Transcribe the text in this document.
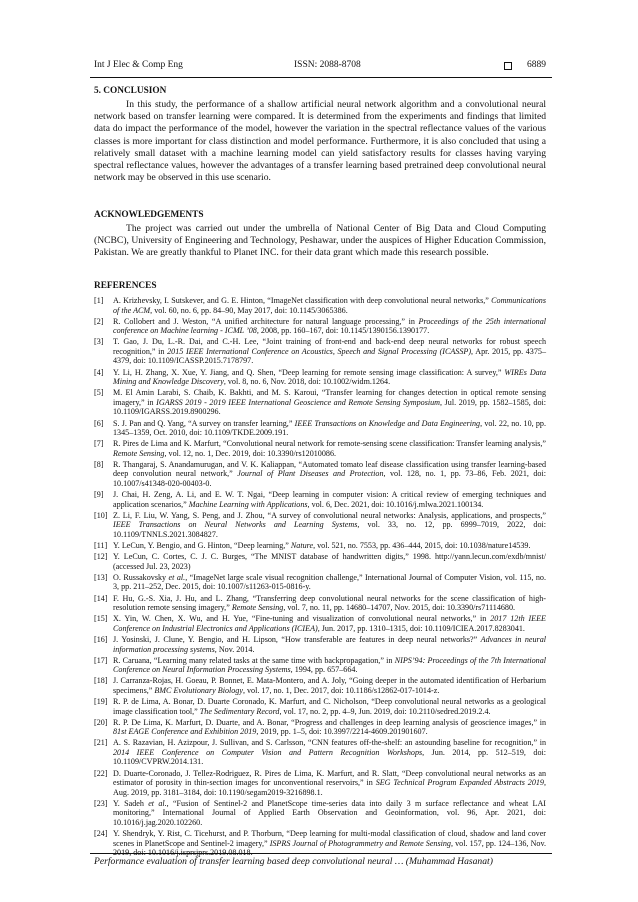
Int J Elec & Comp Eng	ISSN: 2088-8708	6889
5. CONCLUSION

In this study, the performance of a shallow artificial neural network algorithm and a convolutional neural network based on transfer learning were compared. It is determined from the experiments and findings that limited data do impact the performance of the model, however the variation in the spectral reflectance values of the various classes is more important for class distinction and model performance. Furthermore, it is also concluded that using a relatively small dataset with a machine learning model can yield satisfactory results for classes having varying spectral reflectance values, however the advantages of a transfer learning based pretrained deep convolutional neural network may be observed in this use scenario.

ACKNOWLEDGEMENTS

The project was carried out under the umbrella of National Center of Big Data and Cloud Computing (NCBC), University of Engineering and Technology, Peshawar, under the auspices of Higher Education Commission, Pakistan. We are greatly thankful to Planet INC. for their data grant which made this research possible.

REFERENCES
[1] A. Krizhevsky, I. Sutskever, and G. E. Hinton, “ImageNet classification with deep convolutional neural networks,” Communications of the ACM, vol. 60, no. 6, pp. 84–90, May 2017, doi: 10.1145/3065386.
[2] R. Collobert and J. Weston, “A unified architecture for natural language processing,” in Proceedings of the 25th international conference on Machine learning - ICML ’08, 2008, pp. 160–167, doi: 10.1145/1390156.1390177.
[3] T. Gao, J. Du, L.-R. Dai, and C.-H. Lee, “Joint training of front-end and back-end deep neural networks for robust speech recognition,” in 2015 IEEE International Conference on Acoustics, Speech and Signal Processing (ICASSP), Apr. 2015, pp. 4375–4379, doi: 10.1109/ICASSP.2015.7178797.
[4] Y. Li, H. Zhang, X. Xue, Y. Jiang, and Q. Shen, “Deep learning for remote sensing image classification: A survey,” WIREs Data Mining and Knowledge Discovery, vol. 8, no. 6, Nov. 2018, doi: 10.1002/widm.1264.
[5] M. El Amin Larabi, S. Chaib, K. Bakhti, and M. S. Karoui, “Transfer learning for changes detection in optical remote sensing imagery,” in IGARSS 2019 - 2019 IEEE International Geoscience and Remote Sensing Symposium, Jul. 2019, pp. 1582–1585, doi: 10.1109/IGARSS.2019.8900296.
[6] S. J. Pan and Q. Yang, “A survey on transfer learning,” IEEE Transactions on Knowledge and Data Engineering, vol. 22, no. 10, pp. 1345–1359, Oct. 2010, doi: 10.1109/TKDE.2009.191.
[7] R. Pires de Lima and K. Marfurt, “Convolutional neural network for remote-sensing scene classification: Transfer learning analysis,” Remote Sensing, vol. 12, no. 1, Dec. 2019, doi: 10.3390/rs12010086.
[8] R. Thangaraj, S. Anandamurugan, and V. K. Kaliappan, “Automated tomato leaf disease classification using transfer learning-based deep convolution neural network,” Journal of Plant Diseases and Protection, vol. 128, no. 1, pp. 73–86, Feb. 2021, doi: 10.1007/s41348-020-00403-0.
[9] J. Chai, H. Zeng, A. Li, and E. W. T. Ngai, “Deep learning in computer vision: A critical review of emerging techniques and application scenarios,” Machine Learning with Applications, vol. 6, Dec. 2021, doi: 10.1016/j.mlwa.2021.100134.
[10] Z. Li, F. Liu, W. Yang, S. Peng, and J. Zhou, “A survey of convolutional neural networks: Analysis, applications, and prospects,” IEEE Transactions on Neural Networks and Learning Systems, vol. 33, no. 12, pp. 6999–7019, 2022, doi: 10.1109/TNNLS.2021.3084827.
[11] Y. LeCun, Y. Bengio, and G. Hinton, “Deep learning,” Nature, vol. 521, no. 7553, pp. 436–444, 2015, doi: 10.1038/nature14539.
[12] Y. LeCun, C. Cortes, C. J. C. Burges, “The MNIST database of handwritten digits,” 1998. http://yann.lecun.com/exdb/mnist/ (accessed Jul. 23, 2023)
[13] O. Russakovsky et al., “ImageNet large scale visual recognition challenge,” International Journal of Computer Vision, vol. 115, no. 3, pp. 211–252, Dec. 2015, doi: 10.1007/s11263-015-0816-y.
[14] F. Hu, G.-S. Xia, J. Hu, and L. Zhang, “Transferring deep convolutional neural networks for the scene classification of high-resolution remote sensing imagery,” Remote Sensing, vol. 7, no. 11, pp. 14680–14707, Nov. 2015, doi: 10.3390/rs71114680.
[15] X. Yin, W. Chen, X. Wu, and H. Yue, “Fine-tuning and visualization of convolutional neural networks,” in 2017 12th IEEE Conference on Industrial Electronics and Applications (ICIEA), Jun. 2017, pp. 1310–1315, doi: 10.1109/ICIEA.2017.8283041.
[16] J. Yosinski, J. Clune, Y. Bengio, and H. Lipson, “How transferable are features in deep neural networks?” Advances in neural information processing systems, Nov. 2014.
[17] R. Caruana, “Learning many related tasks at the same time with backpropagation,” in NIPS’94: Proceedings of the 7th International Conference on Neural Information Processing Systems, 1994, pp. 657–664.
[18] J. Carranza-Rojas, H. Goeau, P. Bonnet, E. Mata-Montero, and A. Joly, “Going deeper in the automated identification of Herbarium specimens,” BMC Evolutionary Biology, vol. 17, no. 1, Dec. 2017, doi: 10.1186/s12862-017-1014-z.
[19] R. P. de Lima, A. Bonar, D. Duarte Coronado, K. Marfurt, and C. Nicholson, “Deep convolutional neural networks as a geological image classification tool,” The Sedimentary Record, vol. 17, no. 2, pp. 4–9, Jun. 2019, doi: 10.2110/sedred.2019.2.4.
[20] R. P. De Lima, K. Marfurt, D. Duarte, and A. Bonar, “Progress and challenges in deep learning analysis of geoscience images,” in 81st EAGE Conference and Exhibition 2019, 2019, pp. 1–5, doi: 10.3997/2214-4609.201901607.
[21] A. S. Razavian, H. Azizpour, J. Sullivan, and S. Carlsson, “CNN features off-the-shelf: an astounding baseline for recognition,” in 2014 IEEE Conference on Computer Vision and Pattern Recognition Workshops, Jun. 2014, pp. 512–519, doi: 10.1109/CVPRW.2014.131.
[22] D. Duarte-Coronado, J. Tellez-Rodriguez, R. Pires de Lima, K. Marfurt, and R. Slatt, “Deep convolutional neural networks as an estimator of porosity in thin-section images for unconventional reservoirs,” in SEG Technical Program Expanded Abstracts 2019, Aug. 2019, pp. 3181–3184, doi: 10.1190/segam2019-3216898.1.
[23] Y. Sadeh et al., “Fusion of Sentinel-2 and PlanetScope time-series data into daily 3 m surface reflectance and wheat LAI monitoring,” International Journal of Applied Earth Observation and Geoinformation, vol. 96, Apr. 2021, doi: 10.1016/j.jag.2020.102260.
[24] Y. Shendryk, Y. Rist, C. Ticehurst, and P. Thorburn, “Deep learning for multi-modal classification of cloud, shadow and land cover scenes in PlanetScope and Sentinel-2 imagery,” ISPRS Journal of Photogrammetry and Remote Sensing, vol. 157, pp. 124–136, Nov. 2019, doi: 10.1016/j.isprsjprs.2019.08.018.
Performance evaluation of transfer learning based deep convolutional neural … (Muhammad Hasanat)
